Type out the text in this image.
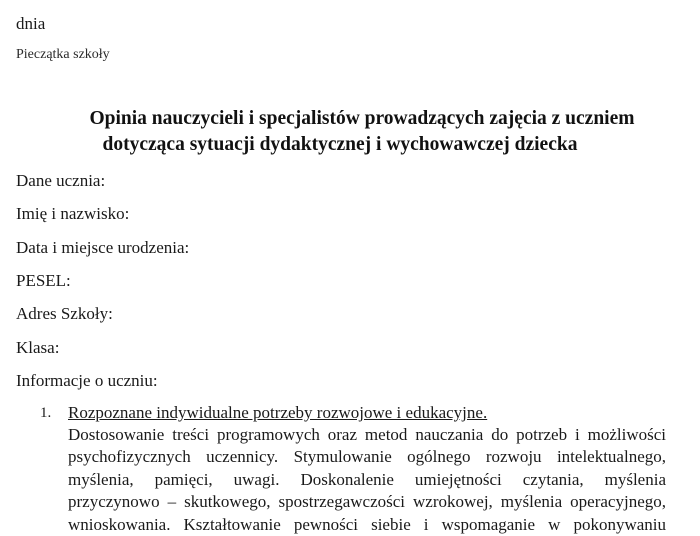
dnia
Pieczątka szkoły
Opinia nauczycieli i specjalistów prowadzących zajęcia z uczniem
dotycząca sytuacji dydaktycznej i wychowawczej dziecka
Dane ucznia:
Imię i nazwisko:
Data i miejsce urodzenia:
PESEL:
Adres Szkoły:
Klasa:
Informacje o uczniu:
1. Rozpoznane indywidualne potrzeby rozwojowe i edukacyjne.
Dostosowanie treści programowych oraz metod nauczania do potrzeb i możliwości
psychofizycznych uczennicy. Stymulowanie ogólnego rozwoju intelektualnego,
myślenia, pamięci, uwagi. Doskonalenie umiejętności czytania, myślenia
przyczynowo – skutkowego, spostrzegawczości wzrokowej, myślenia operacyjnego,
wnioskowania. Kształtowanie pewności siebie i wspomaganie w pokonywaniu
